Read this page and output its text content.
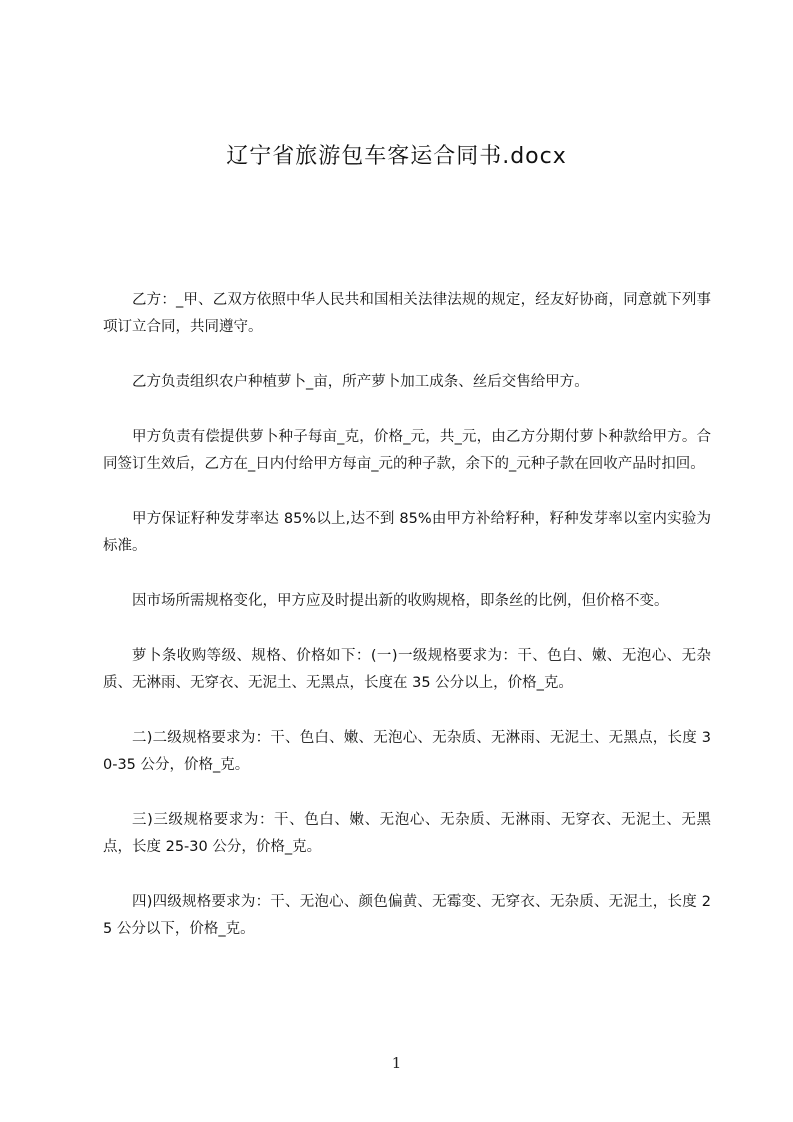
辽宁省旅游包车客运合同书.docx

乙方：_甲、乙双方依照中华人民共和国相关法律法规的规定，经友好协商，同意就下列事项订立合同，共同遵守。

乙方负责组织农户种植萝卜_亩，所产萝卜加工成条、丝后交售给甲方。

甲方负责有偿提供萝卜种子每亩_克，价格_元，共_元，由乙方分期付萝卜种款给甲方。合同签订生效后，乙方在_日内付给甲方每亩_元的种子款，余下的_元种子款在回收产品时扣回。

甲方保证籽种发芽率达 85%以上,达不到 85%由甲方补给籽种，籽种发芽率以室内实验为标准。

因市场所需规格变化，甲方应及时提出新的收购规格，即条丝的比例，但价格不变。

萝卜条收购等级、规格、价格如下：(一)一级规格要求为：干、色白、嫩、无泡心、无杂质、无淋雨、无穿衣、无泥土、无黑点，长度在 35 公分以上，价格_克。

二)二级规格要求为：干、色白、嫩、无泡心、无杂质、无淋雨、无泥土、无黑点，长度 30-35 公分，价格_克。

三)三级规格要求为：干、色白、嫩、无泡心、无杂质、无淋雨、无穿衣、无泥土、无黑点，长度 25-30 公分，价格_克。

四)四级规格要求为：干、无泡心、颜色偏黄、无霉变、无穿衣、无杂质、无泥土，长度 25 公分以下，价格_克。

1
